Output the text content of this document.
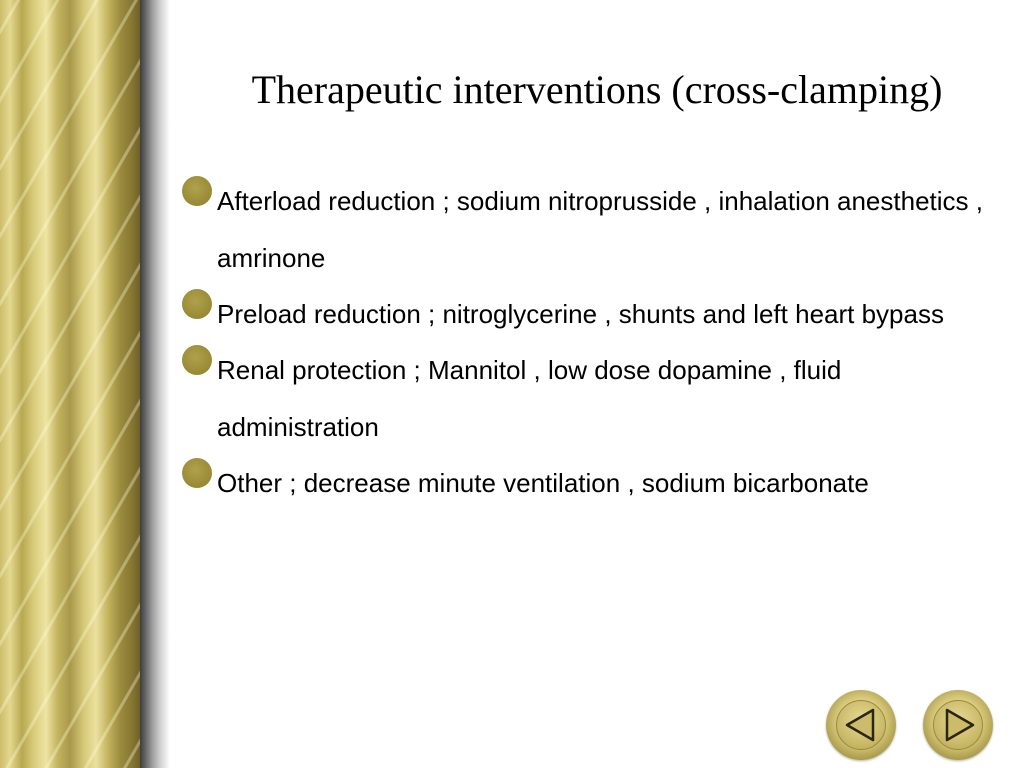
Therapeutic interventions (cross-clamping)
Afterload reduction ; sodium nitroprusside , inhalation anesthetics , amrinone
Preload reduction ; nitroglycerine , shunts and left heart bypass
Renal protection ; Mannitol , low dose dopamine , fluid administration
Other ; decrease minute ventilation , sodium bicarbonate
